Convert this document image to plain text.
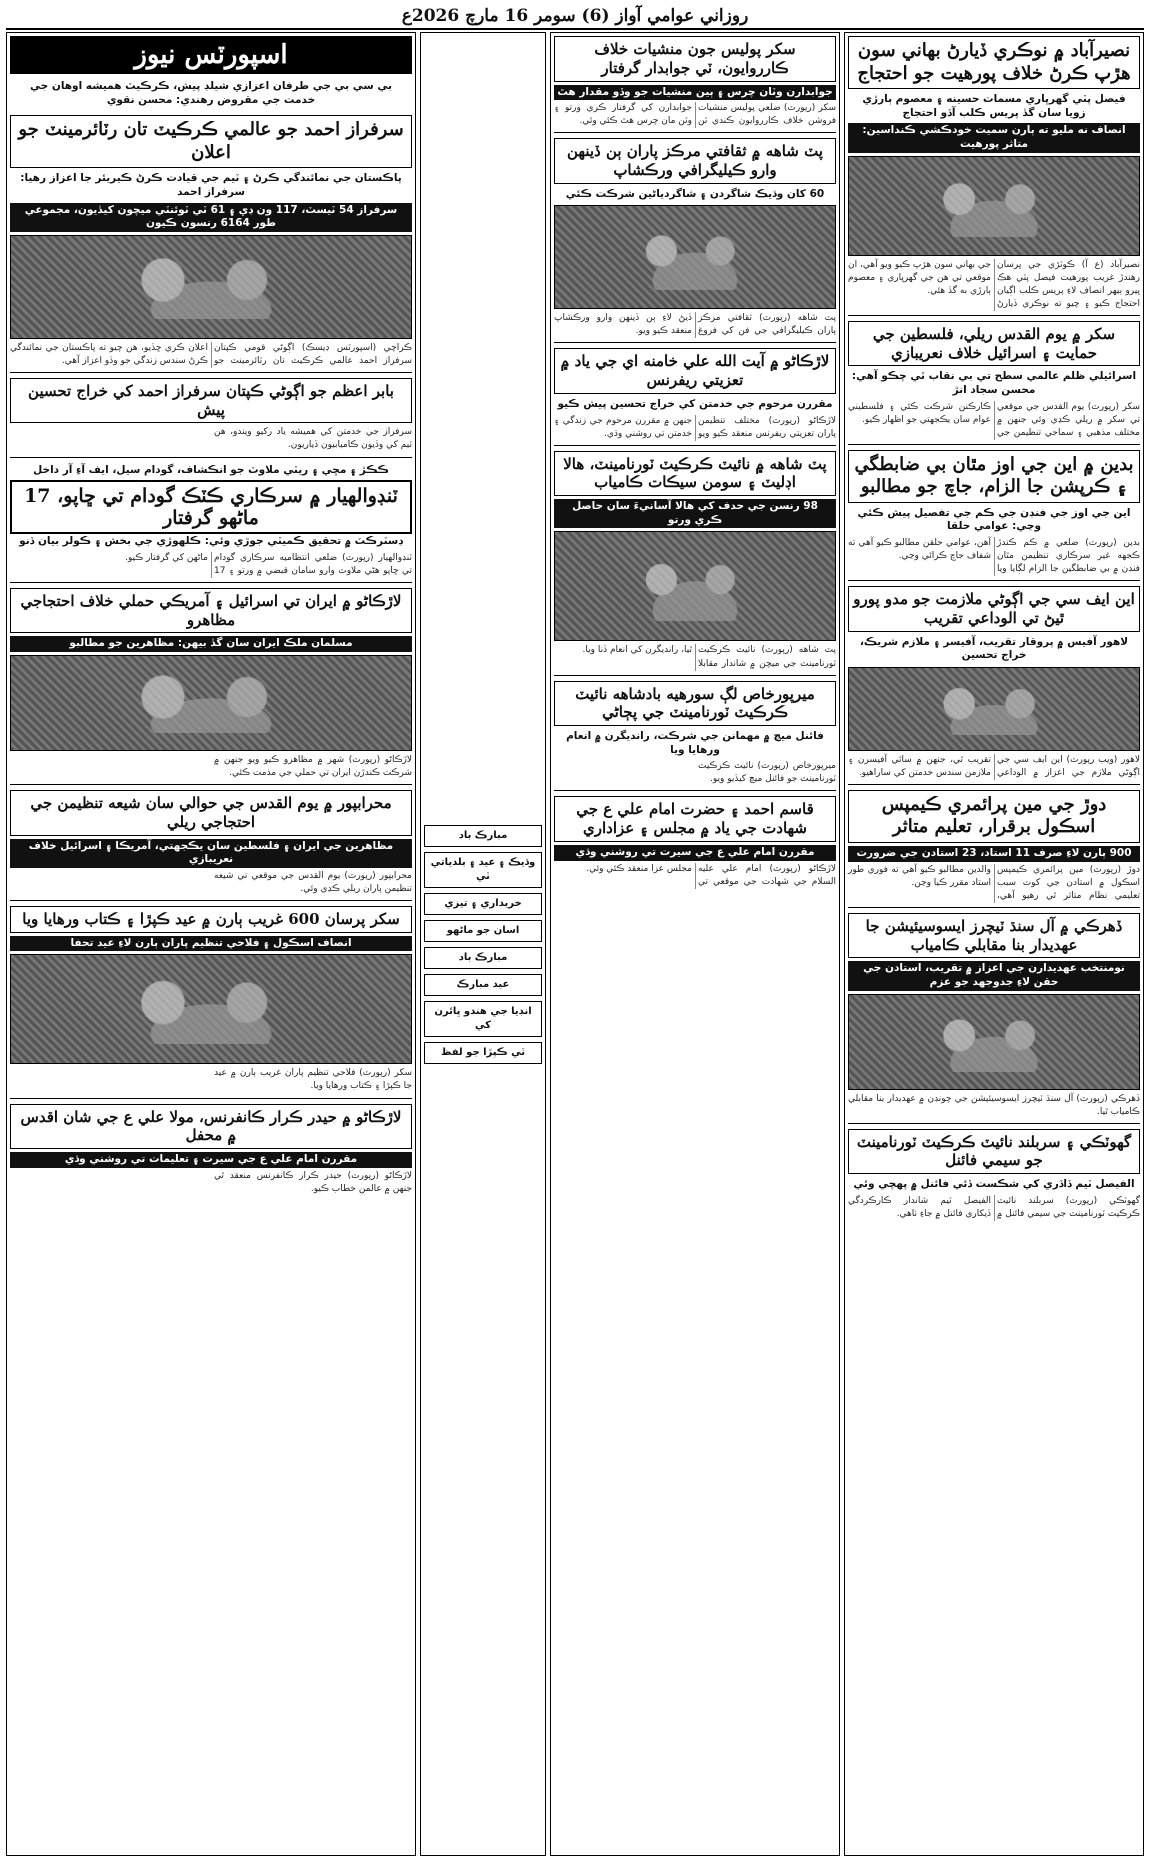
روزاني عوامي آواز (6) سومر 16 مارچ 2026ع
نصيرآباد ۾ نوڪري ڏيارڻ بهاني سون هڙپ ڪرڻ خلاف پورهيت جو احتجاج
فيصل پٽي گهرڀاري مسمات حسينه ۽ معصوم ٻارڙي زويا سان گڏ پريس ڪلب آڏو احتجاج
انصاف نه مليو ته ٻارن سميت خودڪشي ڪنداسين: متاثر پورهيت
نصيرآباد (ع آ) ڪوٽڙي جي ڀرسان رهندڙ غريب پورهيت فيصل پٽي هڪ ڀيرو ٻيهر انصاف لاءِ پريس ڪلب اڳيان احتجاج ڪيو ۽ چيو ته نوڪري ڏيارڻ جي بهاني سون هڙپ ڪيو ويو آهي، ان موقعي تي هن جي گهرڀاري ۽ معصوم ٻارڙي به گڏ هئي.
سکر ۾ يوم القدس ريلي، فلسطين جي حمايت ۽ اسرائيل خلاف نعريبازي
اسرائيلي ظلم عالمي سطح تي بي نقاب ٿي چڪو آهي: محسن سجاد انڙ
سکر (رپورٽ) يوم القدس جي موقعي تي سکر ۾ ريلي ڪڍي وئي جنهن ۾ مختلف مذهبي ۽ سماجي تنظيمن جي ڪارڪنن شرڪت ڪئي ۽ فلسطيني عوام سان يڪجهتي جو اظهار ڪيو.
بدين ۾ اين جي اوز مٿان بي ضابطگي ۽ ڪرپشن جا الزام، جاچ جو مطالبو
اين جي اوز جي فنڊن جي ڪم جي تفصيل پيش ڪئي وڃي: عوامي حلقا
بدين (رپورٽ) ضلعي ۾ ڪم ڪندڙ ڪجهه غير سرڪاري تنظيمن مٿان فنڊن ۾ بي ضابطگين جا الزام لڳايا ويا آهن، عوامي حلقن مطالبو ڪيو آهي ته شفاف جاچ ڪرائي وڃي.
اين ايف سي جي اڳوڻي ملازمت جو مدو پورو ٿيڻ تي الوداعي تقريب
لاهور آفيس ۾ پروقار تقريب، آفيسر ۽ ملازم شريڪ، خراج تحسين
لاهور (ويب رپورٽ) اين ايف سي جي اڳوڻي ملازم جي اعزاز ۾ الوداعي تقريب ٿي، جنهن ۾ ساٿي آفيسرن ۽ ملازمن سندس خدمتن کي ساراهيو.
دوڙ جي مين پرائمري ڪيمپس اسڪول برقرار، تعليم متاثر
900 ٻارن لاءِ صرف 11 استاد، 23 استادن جي ضرورت
دوڙ (رپورٽ) مين پرائمري ڪيمپس اسڪول ۾ استادن جي کوٽ سبب تعليمي نظام متاثر ٿي رهيو آهي، والدين مطالبو ڪيو آهي ته فوري طور استاد مقرر ڪيا وڃن.
ڏهرڪي ۾ آل سنڌ ٽيچرز ايسوسيئيشن جا عهديدار بنا مقابلي ڪامياب
نومنتخب عهديدارن جي اعزاز ۾ تقريب، استادن جي حقن لاءِ جدوجهد جو عزم
ڏهرڪي (رپورٽ) آل سنڌ ٽيچرز ايسوسيئيشن جي چونڊن ۾ عهديدار بنا مقابلي ڪامياب ٿيا.
گهوٽڪي ۽ سربلند نائيٽ ڪرڪيٽ ٽورنامينٽ جو سيمي فائنل
الفيصل ٽيم ڏاڏري کي شڪست ڏئي فائنل ۾ پهچي وئي
گهوٽڪي (رپورٽ) سربلند نائيٽ ڪرڪيٽ ٽورنامينٽ جي سيمي فائنل ۾ الفيصل ٽيم شاندار ڪارڪردگي ڏيکاري فائنل ۾ جاءِ ٺاهي.
سکر پوليس جون منشيات خلاف ڪارروايون، ٽي جوابدار گرفتار
جوابدارن وٽان چرس ۽ ٻين منشيات جو وڏو مقدار هٿ
سکر (رپورٽ) ضلعي پوليس منشيات فروشن خلاف ڪارروايون ڪندي ٽن جوابدارن کي گرفتار ڪري ورتو ۽ وٽن مان چرس هٿ ڪئي وئي.
پٽ شاهه ۾ ثقافتي مرڪز پاران ٻن ڏينهن وارو ڪيليگرافي ورڪشاپ
60 کان وڌيڪ شاگردن ۽ شاگردياڻين شرڪت ڪئي
پٽ شاهه (رپورٽ) ثقافتي مرڪز پاران ڪيليگرافي جي فن کي فروغ ڏيڻ لاءِ ٻن ڏينهن وارو ورڪشاپ منعقد ڪيو ويو.
لاڙڪاڻو ۾ آيت الله علي خامنه اي جي ياد ۾ تعزيتي ريفرنس
مقررن مرحوم جي خدمتن کي خراج تحسين پيش ڪيو
لاڙڪاڻو (رپورٽ) مختلف تنظيمن پاران تعزيتي ريفرنس منعقد ڪيو ويو جنهن ۾ مقررن مرحوم جي زندگي ۽ خدمتن تي روشني وڌي.
پٽ شاهه ۾ نائيٽ ڪرڪيٽ ٽورنامينٽ، هالا اڊليٽ ۽ سومن سيڪات ڪامياب
98 رنسن جي حدف کي هالا آسانيءَ سان حاصل ڪري ورتو
پٽ شاهه (رپورٽ) نائيٽ ڪرڪيٽ ٽورنامينٽ جي ميچن ۾ شاندار مقابلا ٿيا، رانديگرن کي انعام ڏنا ويا.
ميرپورخاص لڳ سورهيه بادشاهه نائيٽ ڪرڪيٽ ٽورنامينٽ جي پڄاڻي
فائنل ميچ ۾ مهمانن جي شرڪت، رانديگرن ۾ انعام ورهايا ويا
ميرپورخاص (رپورٽ) نائيٽ ڪرڪيٽ ٽورنامينٽ جو فائنل ميچ کيڏيو ويو.
قاسم احمد ۽ حضرت امام علي ع جي شهادت جي ياد ۾ مجلس ۽ عزاداري
مقررن امام علي ع جي سيرت تي روشني وڌي
لاڙڪاڻو (رپورٽ) امام علي عليه السلام جي شهادت جي موقعي تي مجلس عزا منعقد ڪئي وئي.
مبارڪ باد
وڌيڪ ۽ عيد ۽ بلدياتي ٽي
خريداري ۽ تيزي
اسان جو ماڻهو
مبارڪ باد
عيد مبارڪ
انڊيا جي هندو ڀائرن کي
ٽي ڪپڙا جو لفظ
اسپورٽس نيوز
بي سي بي جي طرفان اعزازي شيلڊ پيش، ڪرڪيٽ هميشه اوهان جي خدمت جي مقروض رهندي: محسن نقوي
سرفراز احمد جو عالمي ڪرڪيٽ تان رٽائرمينٽ جو اعلان
پاڪستان جي نمائندگي ڪرڻ ۽ ٽيم جي قيادت ڪرڻ ڪيريئر جا اعزاز رهيا: سرفراز احمد
سرفراز 54 ٽيسٽ، 117 ون ڊي ۽ 61 ٽي ٽوئنٽي ميچون کيڏيون، مجموعي طور 6164 رنسون ڪيون
ڪراچي (اسپورٽس ڊيسڪ) اڳوڻي قومي ڪپتان سرفراز احمد عالمي ڪرڪيٽ تان رٽائرمينٽ جو اعلان ڪري ڇڏيو، هن چيو ته پاڪستان جي نمائندگي ڪرڻ سندس زندگي جو وڏو اعزاز آهي.
بابر اعظم جو اڳوڻي ڪپتان سرفراز احمد کي خراج تحسين پيش
سرفراز جي خدمتن کي هميشه ياد رکيو ويندو، هن ٽيم کي وڏيون ڪاميابيون ڏياريون.
ڪڪڙ ۽ مڇي ۽ ريٽي ملاوٽ جو انڪشاف، گودام سيل، ايف آءِ آر داخل
ٽنڊوالهيار ۾ سرڪاري ڪٽڪ گودام تي ڇاپو، 17 ماڻهو گرفتار
ڊسٽرڪٽ ۾ تحقيق ڪميٽي جوڙي وئي: ڪلهوڙي جي بخش ۽ ڪولر بيان ڏنو
ٽنڊوالهيار (رپورٽ) ضلعي انتظاميه سرڪاري گودام تي ڇاپو هڻي ملاوٽ وارو سامان قبضي ۾ ورتو ۽ 17 ماڻهن کي گرفتار ڪيو.
لاڙڪاڻو ۾ ايران تي اسرائيل ۽ آمريڪي حملي خلاف احتجاجي مظاهرو
مسلمان ملڪ ايران سان گڏ بيهن: مظاهرين جو مطالبو
لاڙڪاڻو (رپورٽ) شهر ۾ مظاهرو ڪيو ويو جنهن ۾ شرڪت ڪندڙن ايران تي حملي جي مذمت ڪئي.
محرابپور ۾ يوم القدس جي حوالي سان شيعه تنظيمن جي احتجاجي ريلي
مظاهرين جي ايران ۽ فلسطين سان يڪجهتي، آمريڪا ۽ اسرائيل خلاف نعريبازي
محرابپور (رپورٽ) يوم القدس جي موقعي تي شيعه تنظيمن پاران ريلي ڪڍي وئي.
سکر پرسان 600 غريب ٻارن ۾ عيد ڪپڙا ۽ ڪتاب ورهايا ويا
انصاف اسڪول ۽ فلاحي تنظيم پاران ٻارن لاءِ عيد تحفا
سکر (رپورٽ) فلاحي تنظيم پاران غريب ٻارن ۾ عيد جا ڪپڙا ۽ ڪتاب ورهايا ويا.
لاڙڪاڻو ۾ حيدر ڪرار ڪانفرنس، مولا علي ع جي شان اقدس ۾ محفل
مقررن امام علي ع جي سيرت ۽ تعليمات تي روشني وڌي
لاڙڪاڻو (رپورٽ) حيدر ڪرار ڪانفرنس منعقد ٿي جنهن ۾ عالمن خطاب ڪيو.
